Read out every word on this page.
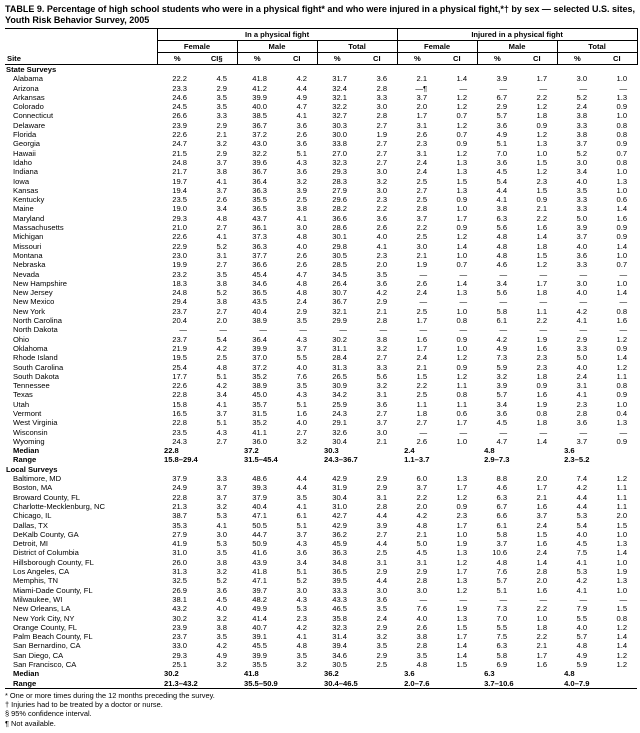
TABLE 9. Percentage of high school students who were in a physical fight* and who were injured in a physical fight,*† by sex — selected U.S. sites, Youth Risk Behavior Survey, 2005
	In a physical fight						Injured in a physical fight					
	Female		Male		Total		Female		Male		Total	
Site	%	CI§	%	CI	%	CI	%	CI	%	CI	%	CI
State Surveys												
Alabama	22.2	4.5	41.8	4.2	31.7	3.6	2.1	1.4	3.9	1.7	3.0	1.0
Arizona	23.3	2.9	41.2	4.4	32.4	2.8	—¶	—	—	—	—	—
Arkansas	24.6	3.5	39.9	4.9	32.1	3.3	3.7	1.2	6.7	2.2	5.2	1.3
Colorado	24.5	3.5	40.0	4.7	32.2	3.0	2.0	1.2	2.9	1.2	2.4	0.9
Connecticut	26.6	3.3	38.5	4.1	32.7	2.8	1.7	0.7	5.7	1.8	3.8	1.0
Delaware	23.9	2.9	36.7	3.6	30.3	2.7	3.1	1.2	3.6	0.9	3.3	0.8
Florida	22.6	2.1	37.2	2.6	30.0	1.9	2.6	0.7	4.9	1.2	3.8	0.8
Georgia	24.7	3.2	43.0	3.6	33.8	2.7	2.3	0.9	5.1	1.3	3.7	0.9
Hawaii	21.5	2.9	32.2	5.1	27.0	2.7	3.1	1.2	7.0	1.0	5.2	0.7
Idaho	24.8	3.7	39.6	4.3	32.3	2.7	2.4	1.3	3.6	1.5	3.0	0.8
Indiana	21.7	3.8	36.7	3.6	29.3	3.0	2.4	1.3	4.5	1.2	3.4	1.0
Iowa	19.7	4.1	36.4	3.2	28.3	3.2	2.5	1.5	5.4	2.3	4.0	1.3
Kansas	19.4	3.7	36.3	3.9	27.9	3.0	2.7	1.3	4.4	1.5	3.5	1.0
Kentucky	23.5	2.6	35.5	2.5	29.6	2.3	2.5	0.9	4.1	0.9	3.3	0.6
Maine	19.0	3.4	36.5	3.8	28.2	2.2	2.8	1.0	3.8	2.1	3.3	1.4
Maryland	29.3	4.8	43.7	4.1	36.6	3.6	3.7	1.7	6.3	2.2	5.0	1.6
Massachusetts	21.0	2.7	36.1	3.0	28.6	2.6	2.2	0.9	5.6	1.6	3.9	0.9
Michigan	22.6	4.1	37.3	4.8	30.1	4.0	2.5	1.2	4.8	1.4	3.7	0.9
Missouri	22.9	5.2	36.3	4.0	29.8	4.1	3.0	1.4	4.8	1.8	4.0	1.4
Montana	23.0	3.1	37.7	2.6	30.5	2.3	2.1	1.0	4.8	1.5	3.6	1.0
Nebraska	19.9	2.7	36.6	2.6	28.5	2.0	1.9	0.7	4.6	1.2	3.3	0.7
Nevada	23.2	3.5	45.4	4.7	34.5	3.5	—	—	—	—	—	—
New Hampshire	18.3	3.8	34.6	4.8	26.4	3.6	2.6	1.4	3.4	1.7	3.0	1.0
New Jersey	24.8	5.2	36.5	4.8	30.7	4.2	2.4	1.3	5.6	1.8	4.0	1.4
New Mexico	29.4	3.8	43.5	2.4	36.7	2.9	—	—	—	—	—	—
New York	23.7	2.7	40.4	2.9	32.1	2.1	2.5	1.0	5.8	1.1	4.2	0.8
North Carolina	20.4	2.0	38.9	3.5	29.9	2.8	1.7	0.8	6.1	2.2	4.1	1.6
North Dakota	—	—	—	—	—	—	—	—	—	—	—	—
Ohio	23.7	5.4	36.4	4.3	30.2	3.8	1.6	0.9	4.2	1.9	2.9	1.2
Oklahoma	21.9	4.2	39.9	3.7	31.1	3.2	1.7	1.0	4.9	1.6	3.3	0.9
Rhode Island	19.5	2.5	37.0	5.5	28.4	2.7	2.4	1.2	7.3	2.3	5.0	1.4
South Carolina	25.4	4.8	37.2	4.0	31.3	3.3	2.1	0.9	5.9	2.3	4.0	1.2
South Dakota	17.7	5.1	35.2	7.6	26.5	5.6	1.5	1.2	3.2	1.8	2.4	1.1
Tennessee	22.6	4.2	38.9	3.5	30.9	3.2	2.2	1.1	3.9	0.9	3.1	0.8
Texas	22.8	3.4	45.0	4.3	34.2	3.1	2.5	0.8	5.7	1.6	4.1	0.9
Utah	15.8	4.1	35.7	5.1	25.9	3.6	1.1	1.1	3.4	1.9	2.3	1.0
Vermont	16.5	3.7	31.5	1.6	24.3	2.7	1.8	0.6	3.6	0.8	2.8	0.4
West Virginia	22.8	5.1	35.2	4.0	29.1	3.7	2.7	1.7	4.5	1.8	3.6	1.3
Wisconsin	23.5	4.3	41.1	2.7	32.6	3.0	—	—	—	—	—	—
Wyoming	24.3	2.7	36.0	3.2	30.4	2.1	2.6	1.0	4.7	1.4	3.7	0.9
Median	22.8		37.2		30.3		2.4		4.8		3.6	
Range	15.8–29.4		31.5–45.4		24.3–36.7		1.1–3.7		2.9–7.3		2.3–5.2	
Local Surveys												
Baltimore, MD	37.9	3.3	48.6	4.4	42.9	2.9	6.0	1.3	8.8	2.0	7.4	1.2
Boston, MA	24.9	3.7	39.3	4.4	31.9	2.9	3.7	1.7	4.6	1.7	4.2	1.1
Broward County, FL	22.8	3.7	37.9	3.5	30.4	3.1	2.2	1.2	6.3	2.1	4.4	1.1
Charlotte-Mecklenburg, NC	21.3	3.2	40.4	4.1	31.0	2.8	2.0	0.9	6.7	1.6	4.4	1.1
Chicago, IL	38.7	5.3	47.1	6.1	42.7	4.4	4.2	2.3	6.6	3.7	5.3	2.0
Dallas, TX	35.3	4.1	50.5	5.1	42.9	3.9	4.8	1.7	6.1	2.4	5.4	1.5
DeKalb County, GA	27.9	3.0	44.7	3.7	36.2	2.7	2.1	1.0	5.8	1.5	4.0	1.0
Detroit, MI	41.9	5.3	50.9	4.3	45.9	4.4	5.0	1.9	3.7	1.6	4.5	1.3
District of Columbia	31.0	3.5	41.6	3.6	36.3	2.5	4.5	1.3	10.6	2.4	7.5	1.4
Hillsborough County, FL	26.0	3.8	43.9	3.4	34.8	3.1	3.1	1.2	4.8	1.4	4.1	1.0
Los Angeles, CA	31.3	3.2	41.8	5.1	36.5	2.9	2.9	1.7	7.6	2.8	5.3	1.9
Memphis, TN	32.5	5.2	47.1	5.2	39.5	4.4	2.8	1.3	5.7	2.0	4.2	1.3
Miami-Dade County, FL	26.9	3.6	39.7	3.0	33.3	3.0	3.0	1.2	5.1	1.6	4.1	1.0
Milwaukee, WI	38.1	4.5	48.2	4.3	43.3	3.6	—	—	—	—	—	—
New Orleans, LA	43.2	4.0	49.9	5.3	46.5	3.5	7.6	1.9	7.3	2.2	7.9	1.5
New York City, NY	30.2	3.2	41.4	2.3	35.8	2.4	4.0	1.3	7.0	1.0	5.5	0.8
Orange County, FL	23.9	3.8	40.7	4.2	32.3	2.9	2.6	1.5	5.5	1.8	4.0	1.2
Palm Beach County, FL	23.7	3.5	39.1	4.1	31.4	3.2	3.8	1.7	7.5	2.2	5.7	1.4
San Bernardino, CA	33.0	4.2	45.5	4.8	39.4	3.5	2.8	1.4	6.3	2.1	4.8	1.4
San Diego, CA	29.3	4.9	39.9	3.5	34.6	2.9	3.5	1.4	5.8	1.7	4.9	1.2
San Francisco, CA	25.1	3.2	35.5	3.2	30.5	2.5	4.8	1.5	6.9	1.6	5.9	1.2
Median	30.2		41.8		36.2		3.6		6.3		4.8	
Range	21.3–43.2		35.5–50.9		30.4–46.5		2.0–7.6		3.7–10.6		4.0–7.9	
* One or more times during the 12 months preceding the survey.
† Injuries had to be treated by a doctor or nurse.
§ 95% confidence interval.
¶ Not available.
